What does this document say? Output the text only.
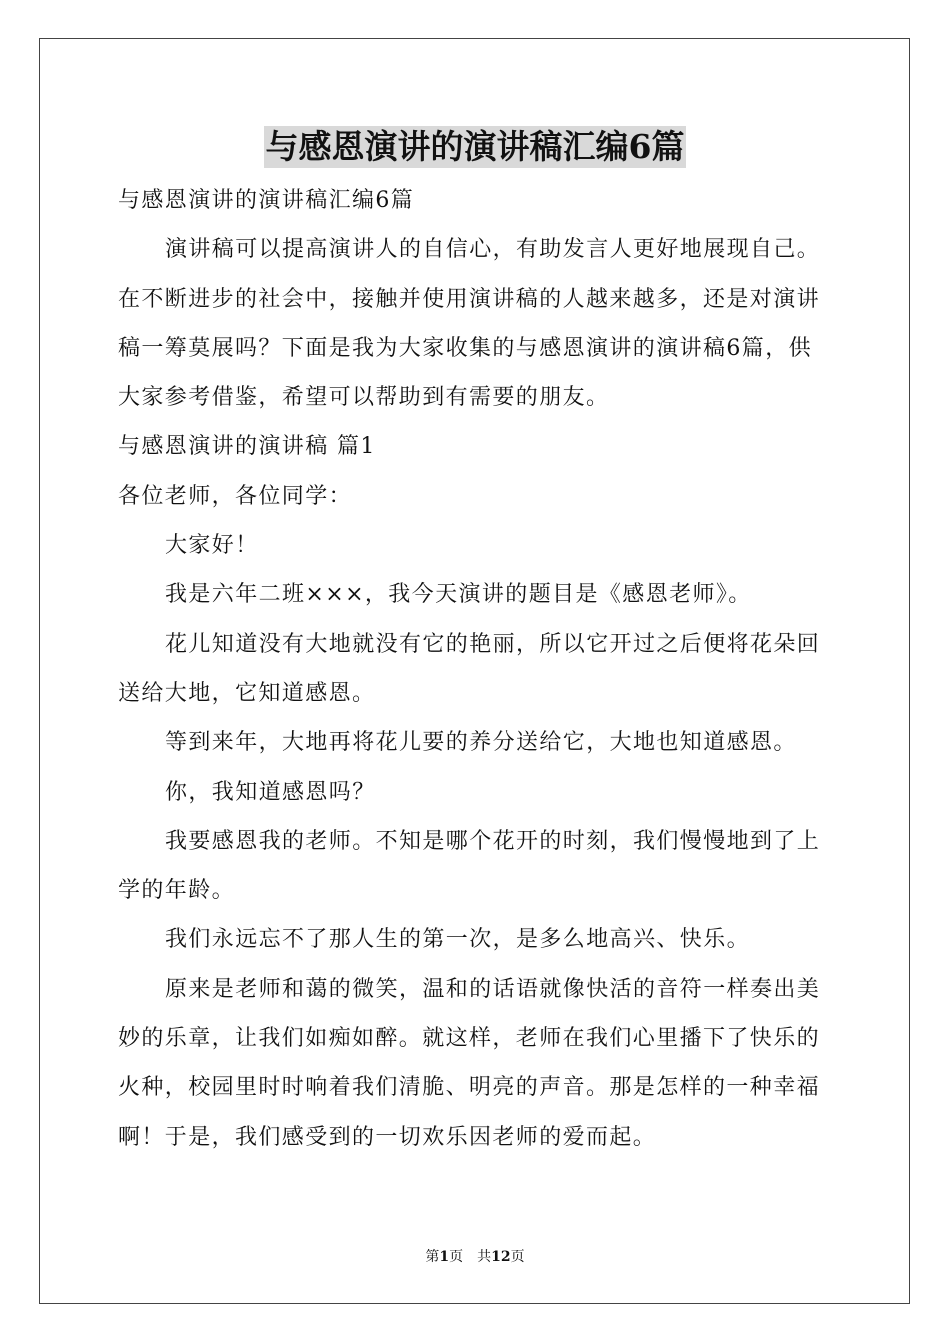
与感恩演讲的演讲稿汇编6篇
与感恩演讲的演讲稿汇编6篇
演讲稿可以提高演讲人的自信心，有助发言人更好地展现自己。
在不断进步的社会中，接触并使用演讲稿的人越来越多，还是对演讲
稿一筹莫展吗？下面是我为大家收集的与感恩演讲的演讲稿6篇，供
大家参考借鉴，希望可以帮助到有需要的朋友。
与感恩演讲的演讲稿 篇1
各位老师，各位同学：
大家好！
我是六年二班×××，我今天演讲的题目是《感恩老师》。
花儿知道没有大地就没有它的艳丽，所以它开过之后便将花朵回
送给大地，它知道感恩。
等到来年，大地再将花儿要的养分送给它，大地也知道感恩。
你，我知道感恩吗？
我要感恩我的老师。不知是哪个花开的时刻，我们慢慢地到了上
学的年龄。
我们永远忘不了那人生的第一次，是多么地高兴、快乐。
原来是老师和蔼的微笑，温和的话语就像快活的音符一样奏出美
妙的乐章，让我们如痴如醉。就这样，老师在我们心里播下了快乐的
火种，校园里时时响着我们清脆、明亮的声音。那是怎样的一种幸福
啊！于是，我们感受到的一切欢乐因老师的爱而起。
第1页　共12页
